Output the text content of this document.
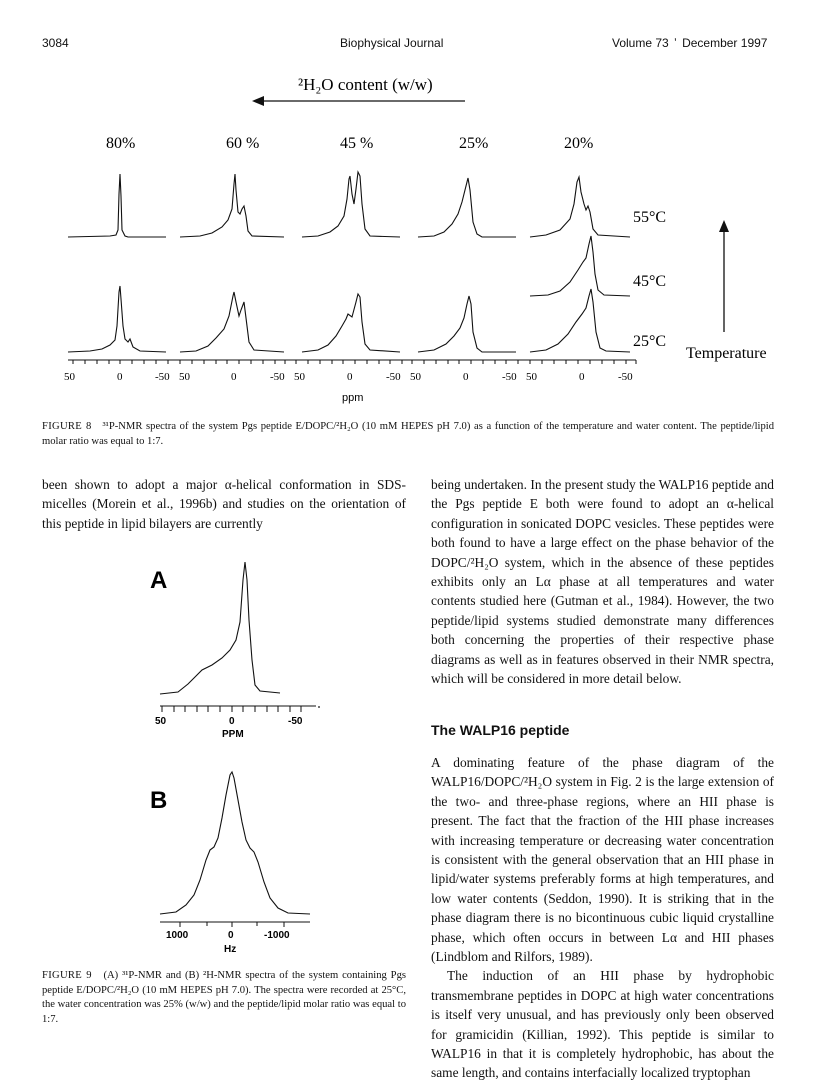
3084	Biophysical Journal	Volume 73 ʼ December 1997
²H₂O content (w/w)
80%	60 %	45 %	25%	20%
55°C
45°C
25°C
Temperature
50	0	-50 50	0	-50 50	0	-50 50	0	-50 50	0	-50
ppm
FIGURE 8 ³¹P-NMR spectra of the system Pgs peptide E/DOPC/²H₂O (10 mM HEPES pH 7.0) as a function of the temperature and water content. The peptide/lipid molar ratio was equal to 1:7.

been shown to adopt a major α-helical conformation in SDS-micelles (Morein et al., 1996b) and studies on the orientation of this peptide in lipid bilayers are currently

A
50	0	-50
PPM
B
1000	0	-1000
Hz
FIGURE 9 (A) ³¹P-NMR and (B) ²H-NMR spectra of the system containing Pgs peptide E/DOPC/²H₂O (10 mM HEPES pH 7.0). The spectra were recorded at 25°C, the water concentration was 25% (w/w) and the peptide/lipid molar ratio was equal to 1:7.

being undertaken. In the present study the WALP16 peptide and the Pgs peptide E both were found to adopt an α-helical configuration in sonicated DOPC vesicles. These peptides were both found to have a large effect on the phase behavior of the DOPC/²H₂O system, which in the absence of these peptides exhibits only an Lα phase at all temperatures and water contents studied here (Gutman et al., 1984). However, the two peptide/lipid systems studied demonstrate many differences both concerning the properties of their respective phase diagrams as well as in features observed in their NMR spectra, which will be considered in more detail below.

The WALP16 peptide

A dominating feature of the phase diagram of the WALP16/DOPC/²H₂O system in Fig. 2 is the large extension of the two- and three-phase regions, where an HII phase is present. The fact that the fraction of the HII phase increases with increasing temperature or decreasing water concentration is consistent with the general observation that an HII phase in lipid/water systems preferably forms at high temperatures, and low water contents (Seddon, 1990). It is striking that in the phase diagram there is no bicontinuous cubic liquid crystalline phase, which often occurs in between Lα and HII phases (Lindblom and Rilfors, 1989).

The induction of an HII phase by hydrophobic transmembrane peptides in DOPC at high water concentrations is itself very unusual, and has previously only been observed for gramicidin (Killian, 1992). This peptide is similar to WALP16 in that it is completely hydrophobic, has about the same length, and contains interfacially localized tryptophan
